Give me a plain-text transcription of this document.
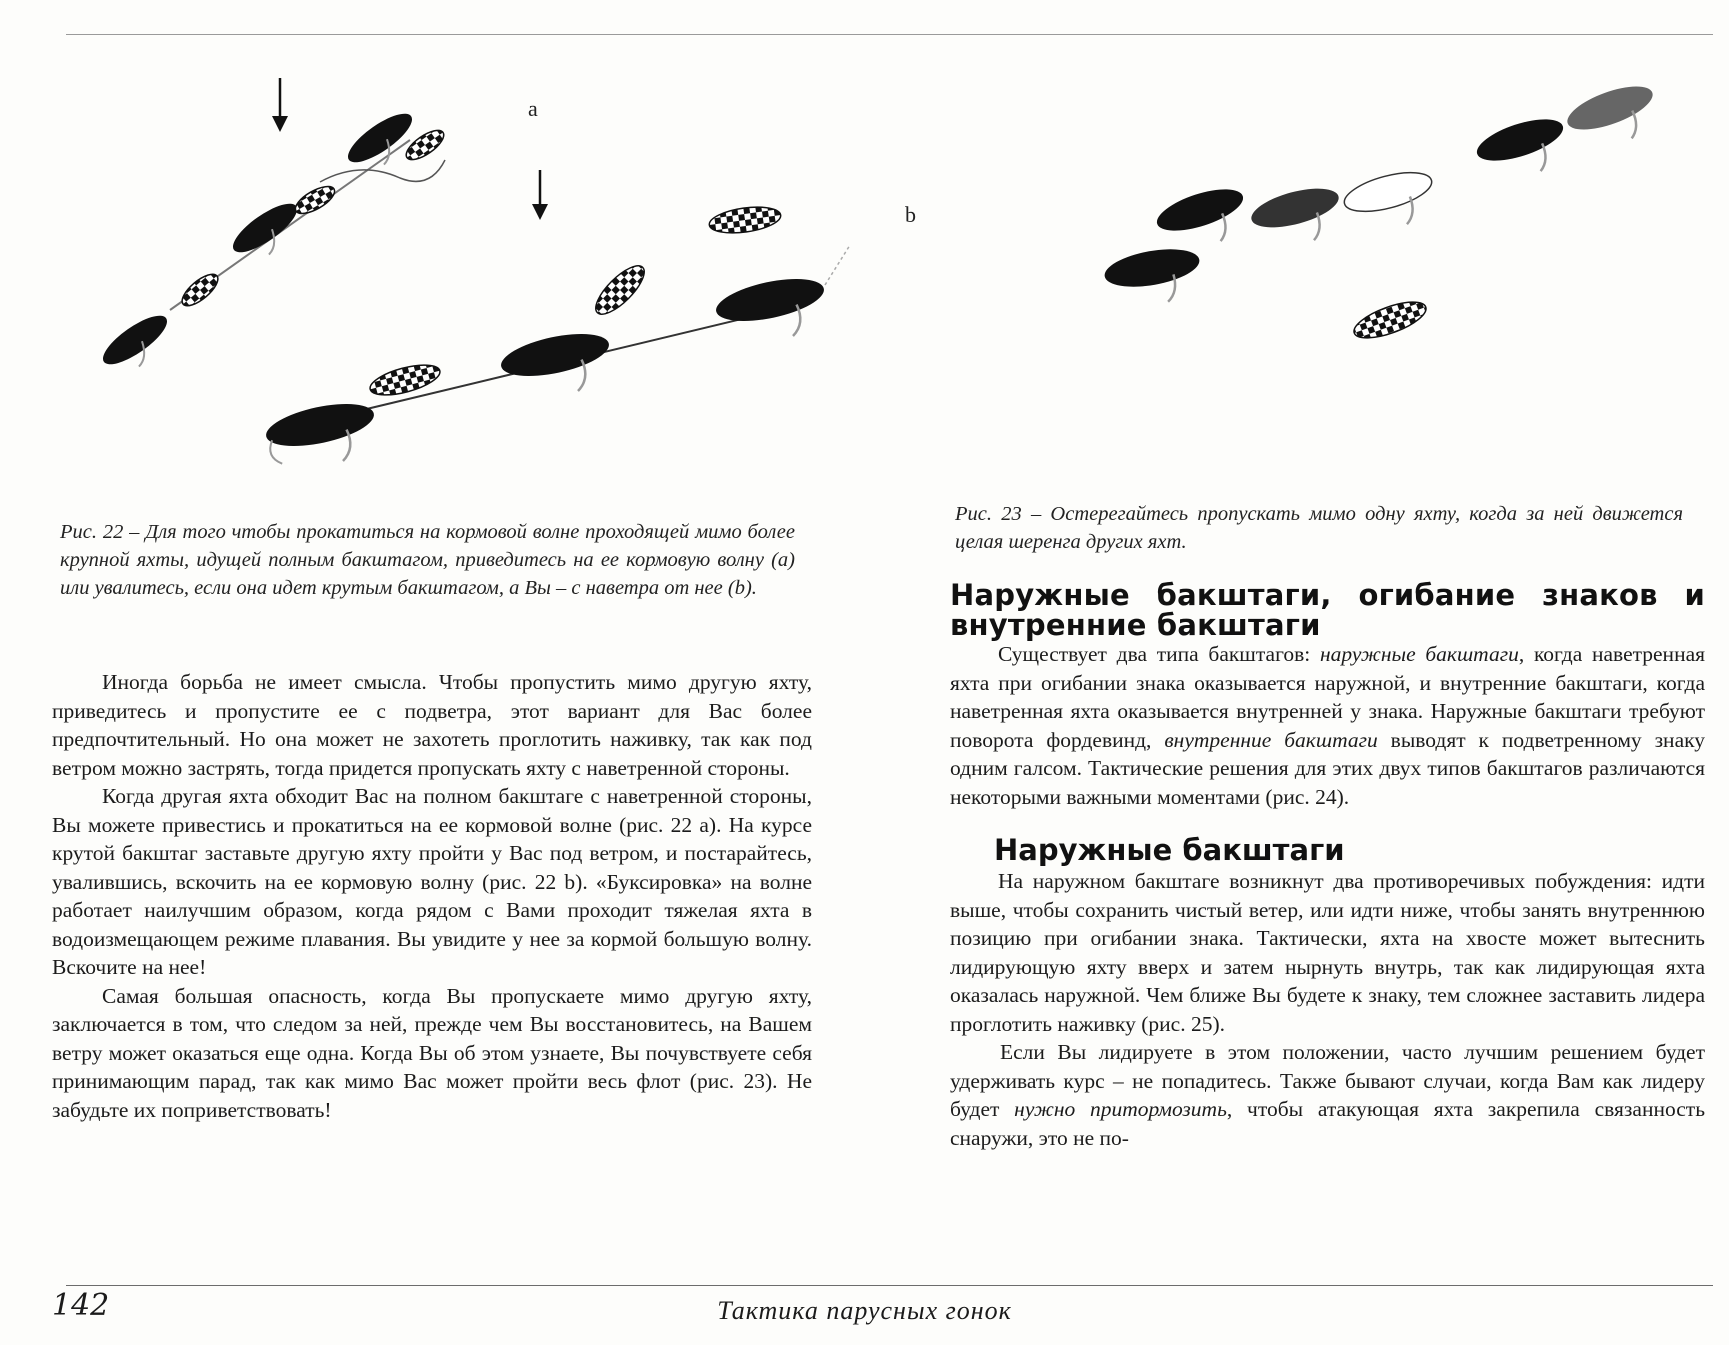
a
b

Рис. 22 – Для того чтобы прокатиться на кормовой волне проходящей мимо более крупной яхты, идущей полным бакштагом, приведитесь на ее кормовую волну (а) или увалитесь, если она идет крутым бакштагом, а Вы – с наветра от нее (b).

Рис. 23 – Остерегайтесь пропускать мимо одну яхту, когда за ней движется целая шеренга других яхт.

Иногда борьба не имеет смысла. Чтобы пропустить мимо другую яхту, приведитесь и пропустите ее с подветра, этот вариант для Вас более предпочтительный. Но она может не захотеть проглотить наживку, так как под ветром можно застрять, тогда придется пропускать яхту с наветренной стороны.

Когда другая яхта обходит Вас на полном бакштаге с наветренной стороны, Вы можете привестись и прокатиться на ее кормовой волне (рис. 22 а). На курсе крутой бакштаг заставьте другую яхту пройти у Вас под ветром, и постарайтесь, увалившись, вскочить на ее кормовую волну (рис. 22 b). «Буксировка» на волне работает наилучшим образом, когда рядом с Вами проходит тяжелая яхта в водоизмещающем режиме плавания. Вы увидите у нее за кормой большую волну. Вскочите на нее!

Самая большая опасность, когда Вы пропускаете мимо другую яхту, заключается в том, что следом за ней, прежде чем Вы восстановитесь, на Вашем ветру может оказаться еще одна. Когда Вы об этом узнаете, Вы почувствуете себя принимающим парад, так как мимо Вас может пройти весь флот (рис. 23). Не забудьте их поприветствовать!

Наружные бакштаги, огибание знаков и внутренние бакштаги

Существует два типа бакштагов: наружные бакштаги, когда наветренная яхта при огибании знака оказывается наружной, и внутренние бакштаги, когда наветренная яхта оказывается внутренней у знака. Наружные бакштаги требуют поворота фордевинд, внутренние бакштаги выводят к подветренному знаку одним галсом. Тактические решения для этих двух типов бакштагов различаются некоторыми важными моментами (рис. 24).

Наружные бакштаги

На наружном бакштаге возникнут два противоречивых побуждения: идти выше, чтобы сохранить чистый ветер, или идти ниже, чтобы занять внутреннюю позицию при огибании знака. Тактически, яхта на хвосте может вытеснить лидирующую яхту вверх и затем нырнуть внутрь, так как лидирующая яхта оказалась наружной. Чем ближе Вы будете к знаку, тем сложнее заставить лидера проглотить наживку (рис. 25).

Если Вы лидируете в этом положении, часто лучшим решением будет удерживать курс – не попадитесь. Также бывают случаи, когда Вам как лидеру будет нужно притормозить, чтобы атакующая яхта закрепила связанность снаружи, это не по-

142	Тактика парусных гонок
